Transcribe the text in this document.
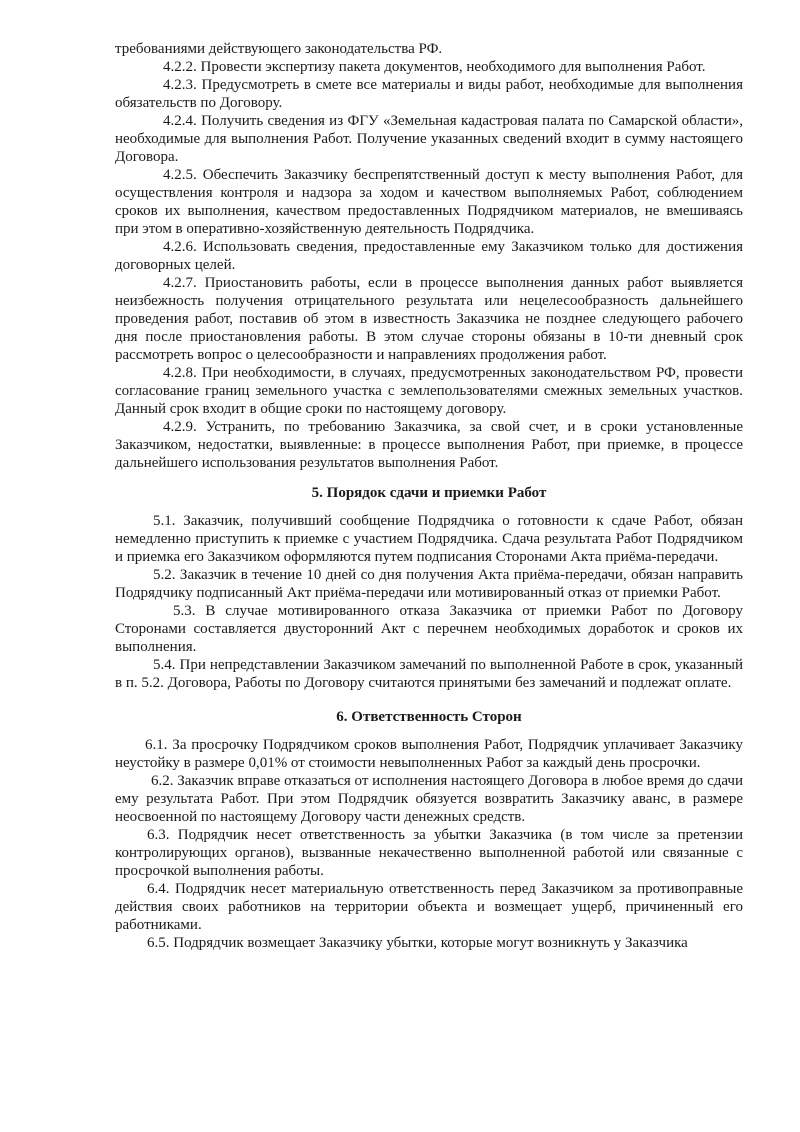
требованиями действующего законодательства РФ.

4.2.2. Провести экспертизу пакета документов, необходимого для выполнения Работ.

4.2.3. Предусмотреть в смете все материалы и виды работ, необходимые для выполнения обязательств по Договору.

4.2.4. Получить сведения из ФГУ «Земельная кадастровая палата по Самарской области», необходимые для выполнения Работ. Получение указанных сведений входит в сумму настоящего Договора.

4.2.5. Обеспечить Заказчику беспрепятственный доступ к месту выполнения Работ, для осуществления контроля и надзора за ходом и качеством выполняемых Работ, соблюдением сроков их выполнения, качеством предоставленных Подрядчиком материалов, не вмешиваясь при этом в оперативно-хозяйственную деятельность Подрядчика.

4.2.6. Использовать сведения, предоставленные ему Заказчиком только для достижения договорных целей.

4.2.7. Приостановить работы, если в процессе выполнения данных работ выявляется неизбежность получения отрицательного результата или нецелесообразность дальнейшего проведения работ, поставив об этом в известность Заказчика не позднее следующего рабочего дня после приостановления работы. В этом случае стороны обязаны в 10-ти дневный срок рассмотреть вопрос о целесообразности и направлениях продолжения работ.

4.2.8. При необходимости, в случаях, предусмотренных законодательством РФ, провести согласование границ земельного участка с землепользователями смежных земельных участков. Данный срок входит в общие сроки по настоящему договору.

4.2.9. Устранить, по требованию Заказчика, за свой счет, и в сроки установленные Заказчиком, недостатки, выявленные: в процессе выполнения Работ, при приемке, в процессе дальнейшего использования результатов выполнения Работ.

5. Порядок сдачи и приемки Работ

5.1. Заказчик, получивший сообщение Подрядчика о готовности к сдаче Работ, обязан немедленно приступить к приемке с участием Подрядчика. Сдача результата Работ Подрядчиком и приемка его Заказчиком оформляются путем подписания Сторонами Акта приёма-передачи.

5.2. Заказчик в течение 10 дней со дня получения Акта приёма-передачи, обязан направить Подрядчику подписанный Акт приёма-передачи или мотивированный отказ от приемки Работ.

5.3. В случае мотивированного отказа Заказчика от приемки Работ по Договору Сторонами составляется двусторонний Акт с перечнем необходимых доработок и сроков их выполнения.

5.4. При непредставлении Заказчиком замечаний по выполненной Работе в срок, указанный в п. 5.2. Договора, Работы по Договору считаются принятыми без замечаний и подлежат оплате.

6. Ответственность Сторон

6.1. За просрочку Подрядчиком сроков выполнения Работ, Подрядчик уплачивает Заказчику неустойку в размере 0,01% от стоимости невыполненных Работ за каждый день просрочки.

6.2. Заказчик вправе отказаться от исполнения настоящего Договора в любое время до сдачи ему результата Работ. При этом Подрядчик обязуется возвратить Заказчику аванс, в размере неосвоенной по настоящему Договору части денежных средств.

6.3. Подрядчик несет ответственность за убытки Заказчика (в том числе за претензии контролирующих органов), вызванные некачественно выполненной работой или связанные с просрочкой выполнения работы.

6.4. Подрядчик несет материальную ответственность перед Заказчиком за противоправные действия своих работников на территории объекта и возмещает ущерб, причиненный его работниками.

6.5. Подрядчик возмещает Заказчику убытки, которые могут возникнуть у Заказчика
